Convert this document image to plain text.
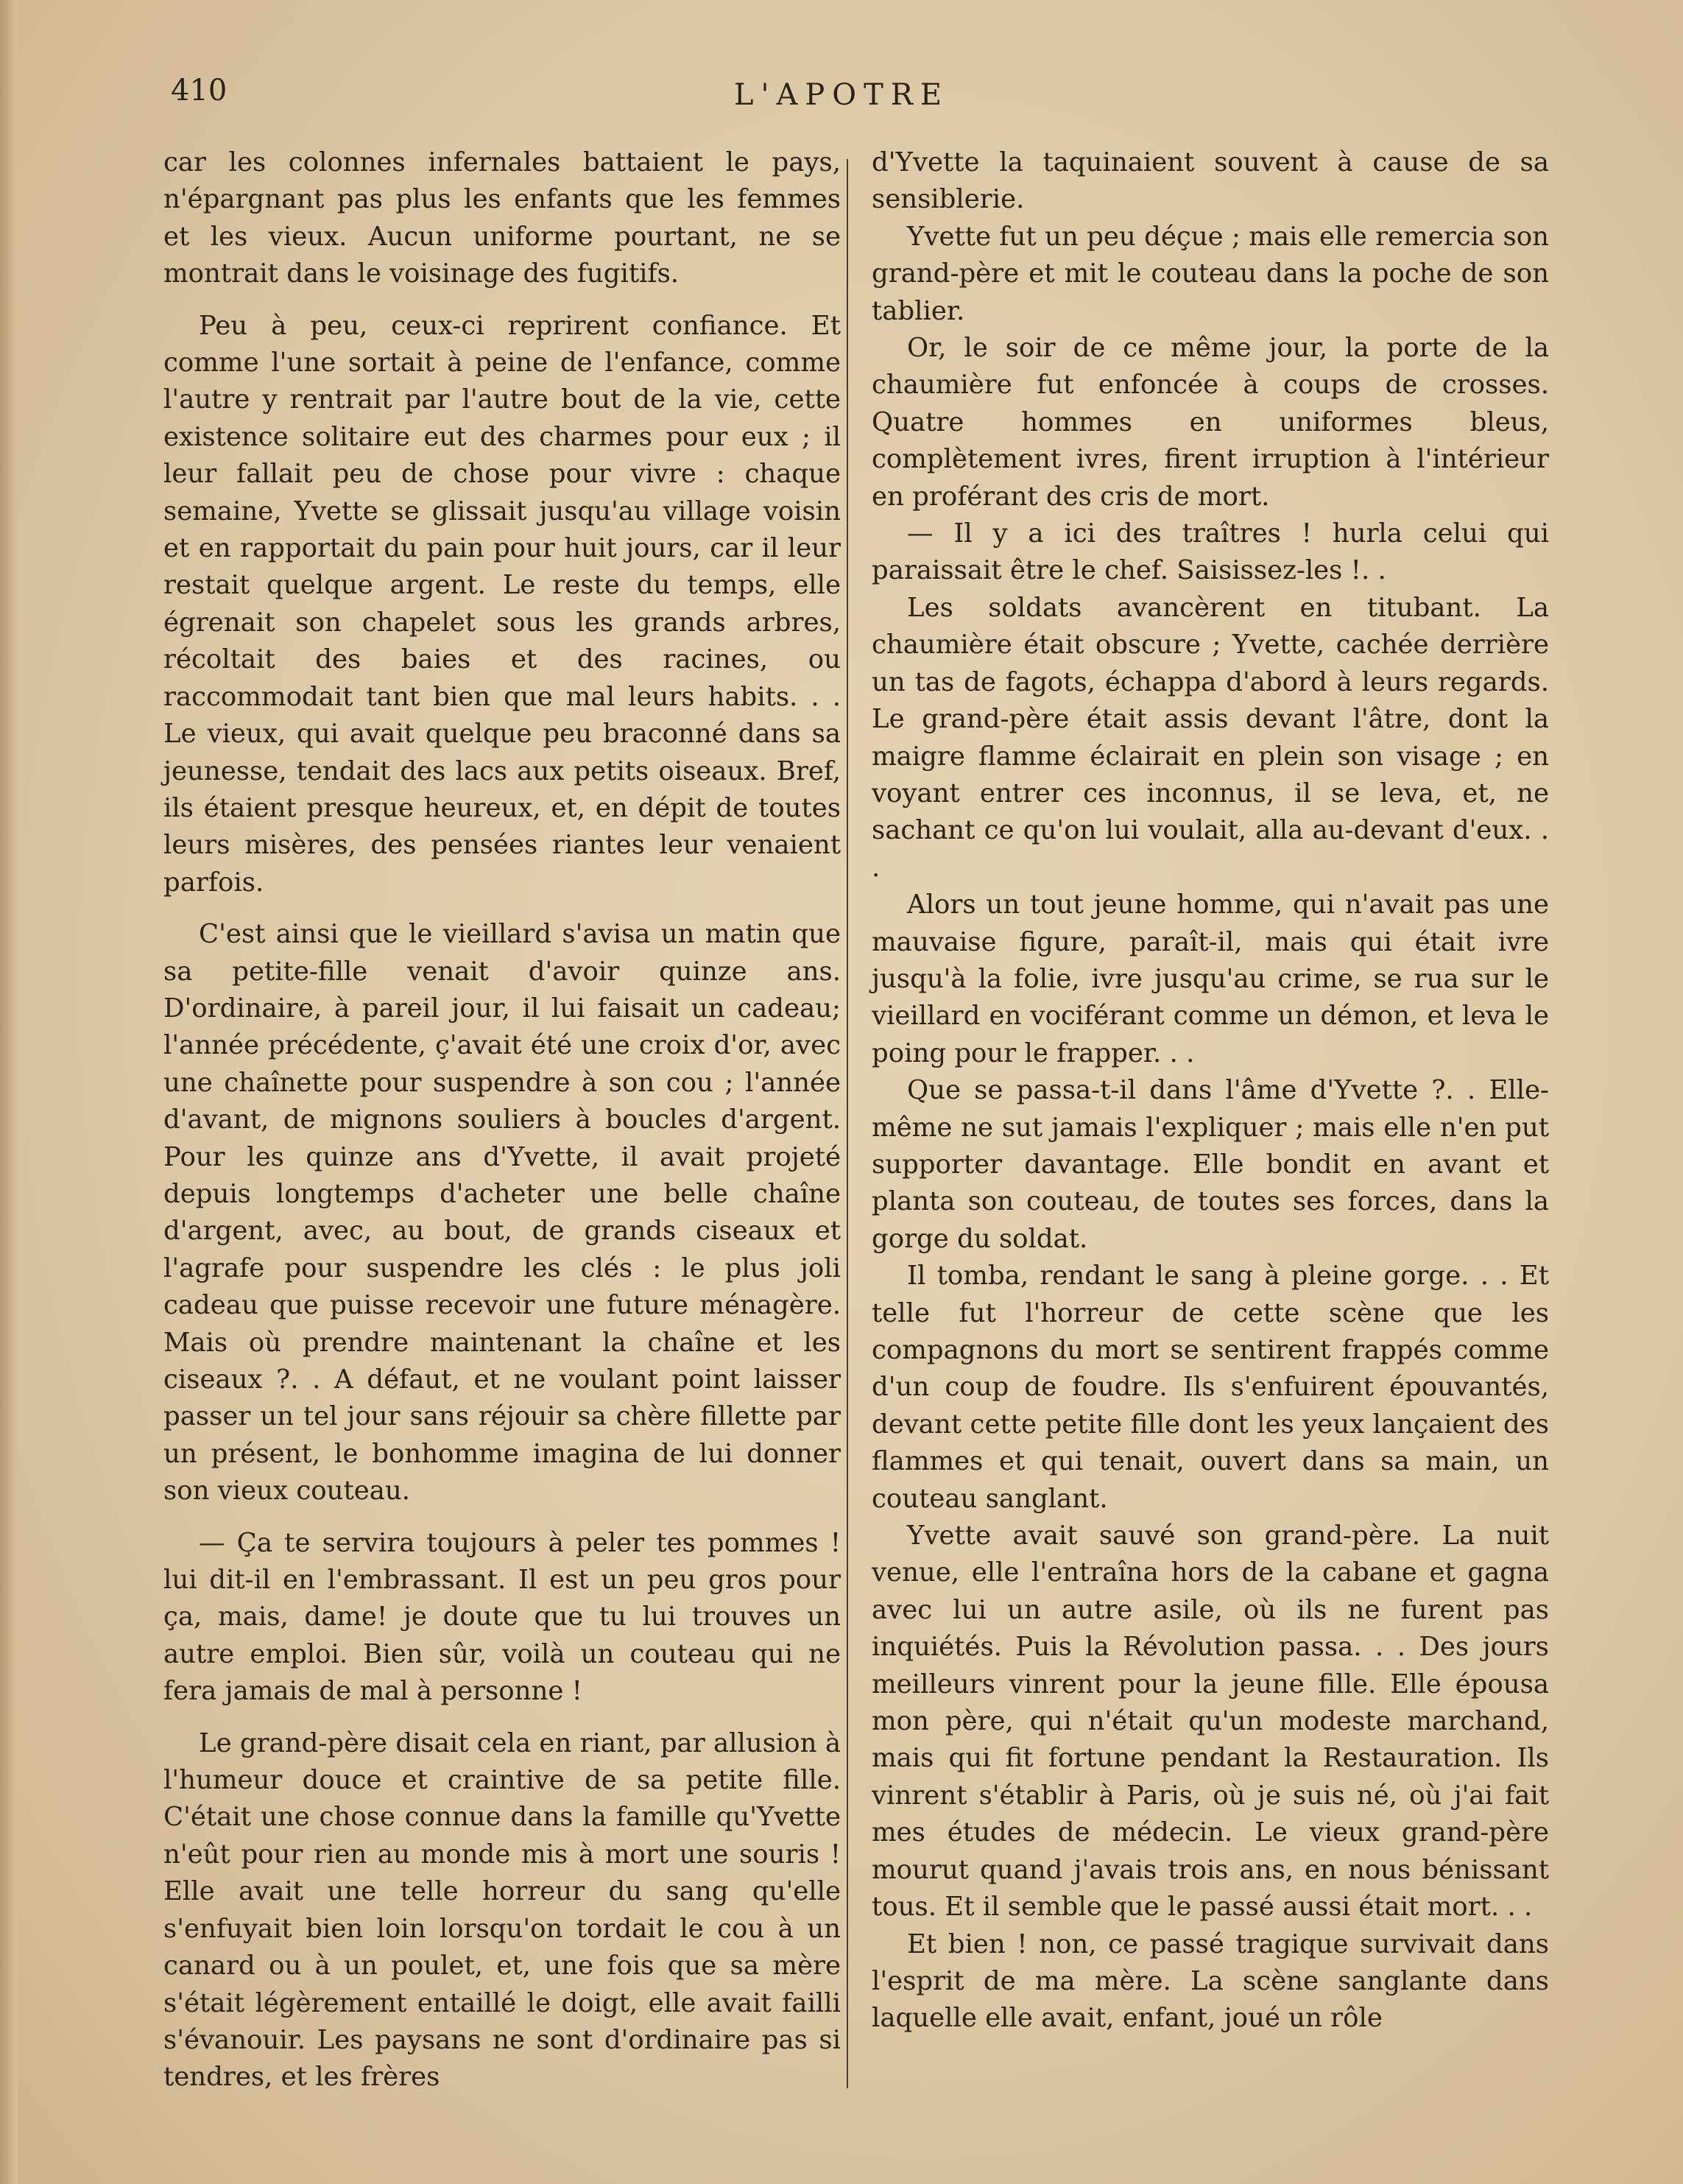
410	L'APOTRE

car les colonnes infernales battaient le pays, n'épargnant pas plus les enfants que les femmes et les vieux. Aucun uniforme pourtant, ne se montrait dans le voisinage des fugitifs.

Peu à peu, ceux-ci reprirent confiance. Et comme l'une sortait à peine de l'enfance, comme l'autre y rentrait par l'autre bout de la vie, cette existence solitaire eut des charmes pour eux ; il leur fallait peu de chose pour vivre : chaque semaine, Yvette se glissait jusqu'au village voisin et en rapportait du pain pour huit jours, car il leur restait quelque argent. Le reste du temps, elle égrenait son chapelet sous les grands arbres, récoltait des baies et des racines, ou raccommodait tant bien que mal leurs habits. . . Le vieux, qui avait quelque peu braconné dans sa jeunesse, tendait des lacs aux petits oiseaux. Bref, ils étaient presque heureux, et, en dépit de toutes leurs misères, des pensées riantes leur venaient parfois.

C'est ainsi que le vieillard s'avisa un matin que sa petite-fille venait d'avoir quinze ans. D'ordinaire, à pareil jour, il lui faisait un cadeau; l'année précédente, ç'avait été une croix d'or, avec une chaînette pour suspendre à son cou ; l'année d'avant, de mignons souliers à boucles d'argent. Pour les quinze ans d'Yvette, il avait projeté depuis longtemps d'acheter une belle chaîne d'argent, avec, au bout, de grands ciseaux et l'agrafe pour suspendre les clés : le plus joli cadeau que puisse recevoir une future ménagère. Mais où prendre maintenant la chaîne et les ciseaux ?. . A défaut, et ne voulant point laisser passer un tel jour sans réjouir sa chère fillette par un présent, le bonhomme imagina de lui donner son vieux couteau.

— Ça te servira toujours à peler tes pommes ! lui dit-il en l'embrassant. Il est un peu gros pour ça, mais, dame! je doute que tu lui trouves un autre emploi. Bien sûr, voilà un couteau qui ne fera jamais de mal à personne !

Le grand-père disait cela en riant, par allusion à l'humeur douce et craintive de sa petite fille. C'était une chose connue dans la famille qu'Yvette n'eût pour rien au monde mis à mort une souris ! Elle avait une telle horreur du sang qu'elle s'enfuyait bien loin lorsqu'on tordait le cou à un canard ou à un poulet, et, une fois que sa mère s'était légèrement entaillé le doigt, elle avait failli s'évanouir. Les paysans ne sont d'ordinaire pas si tendres, et les frères

d'Yvette la taquinaient souvent à cause de sa sensiblerie.

Yvette fut un peu déçue ; mais elle remercia son grand-père et mit le couteau dans la poche de son tablier.

Or, le soir de ce même jour, la porte de la chaumière fut enfoncée à coups de crosses. Quatre hommes en uniformes bleus, complètement ivres, firent irruption à l'intérieur en proférant des cris de mort.

— Il y a ici des traîtres ! hurla celui qui paraissait être le chef. Saisissez-les !. .

Les soldats avancèrent en titubant. La chaumière était obscure ; Yvette, cachée derrière un tas de fagots, échappa d'abord à leurs regards. Le grand-père était assis devant l'âtre, dont la maigre flamme éclairait en plein son visage ; en voyant entrer ces inconnus, il se leva, et, ne sachant ce qu'on lui voulait, alla au-devant d'eux. . .

Alors un tout jeune homme, qui n'avait pas une mauvaise figure, paraît-il, mais qui était ivre jusqu'à la folie, ivre jusqu'au crime, se rua sur le vieillard en vociférant comme un démon, et leva le poing pour le frapper. . .

Que se passa-t-il dans l'âme d'Yvette ?. . Elle-même ne sut jamais l'expliquer ; mais elle n'en put supporter davantage. Elle bondit en avant et planta son couteau, de toutes ses forces, dans la gorge du soldat.

Il tomba, rendant le sang à pleine gorge. . . Et telle fut l'horreur de cette scène que les compagnons du mort se sentirent frappés comme d'un coup de foudre. Ils s'enfuirent épouvantés, devant cette petite fille dont les yeux lançaient des flammes et qui tenait, ouvert dans sa main, un couteau sanglant.

Yvette avait sauvé son grand-père. La nuit venue, elle l'entraîna hors de la cabane et gagna avec lui un autre asile, où ils ne furent pas inquiétés. Puis la Révolution passa. . . Des jours meilleurs vinrent pour la jeune fille. Elle épousa mon père, qui n'était qu'un modeste marchand, mais qui fit fortune pendant la Restauration. Ils vinrent s'établir à Paris, où je suis né, où j'ai fait mes études de médecin. Le vieux grand-père mourut quand j'avais trois ans, en nous bénissant tous. Et il semble que le passé aussi était mort. . .

Et bien ! non, ce passé tragique survivait dans l'esprit de ma mère. La scène sanglante dans laquelle elle avait, enfant, joué un rôle
